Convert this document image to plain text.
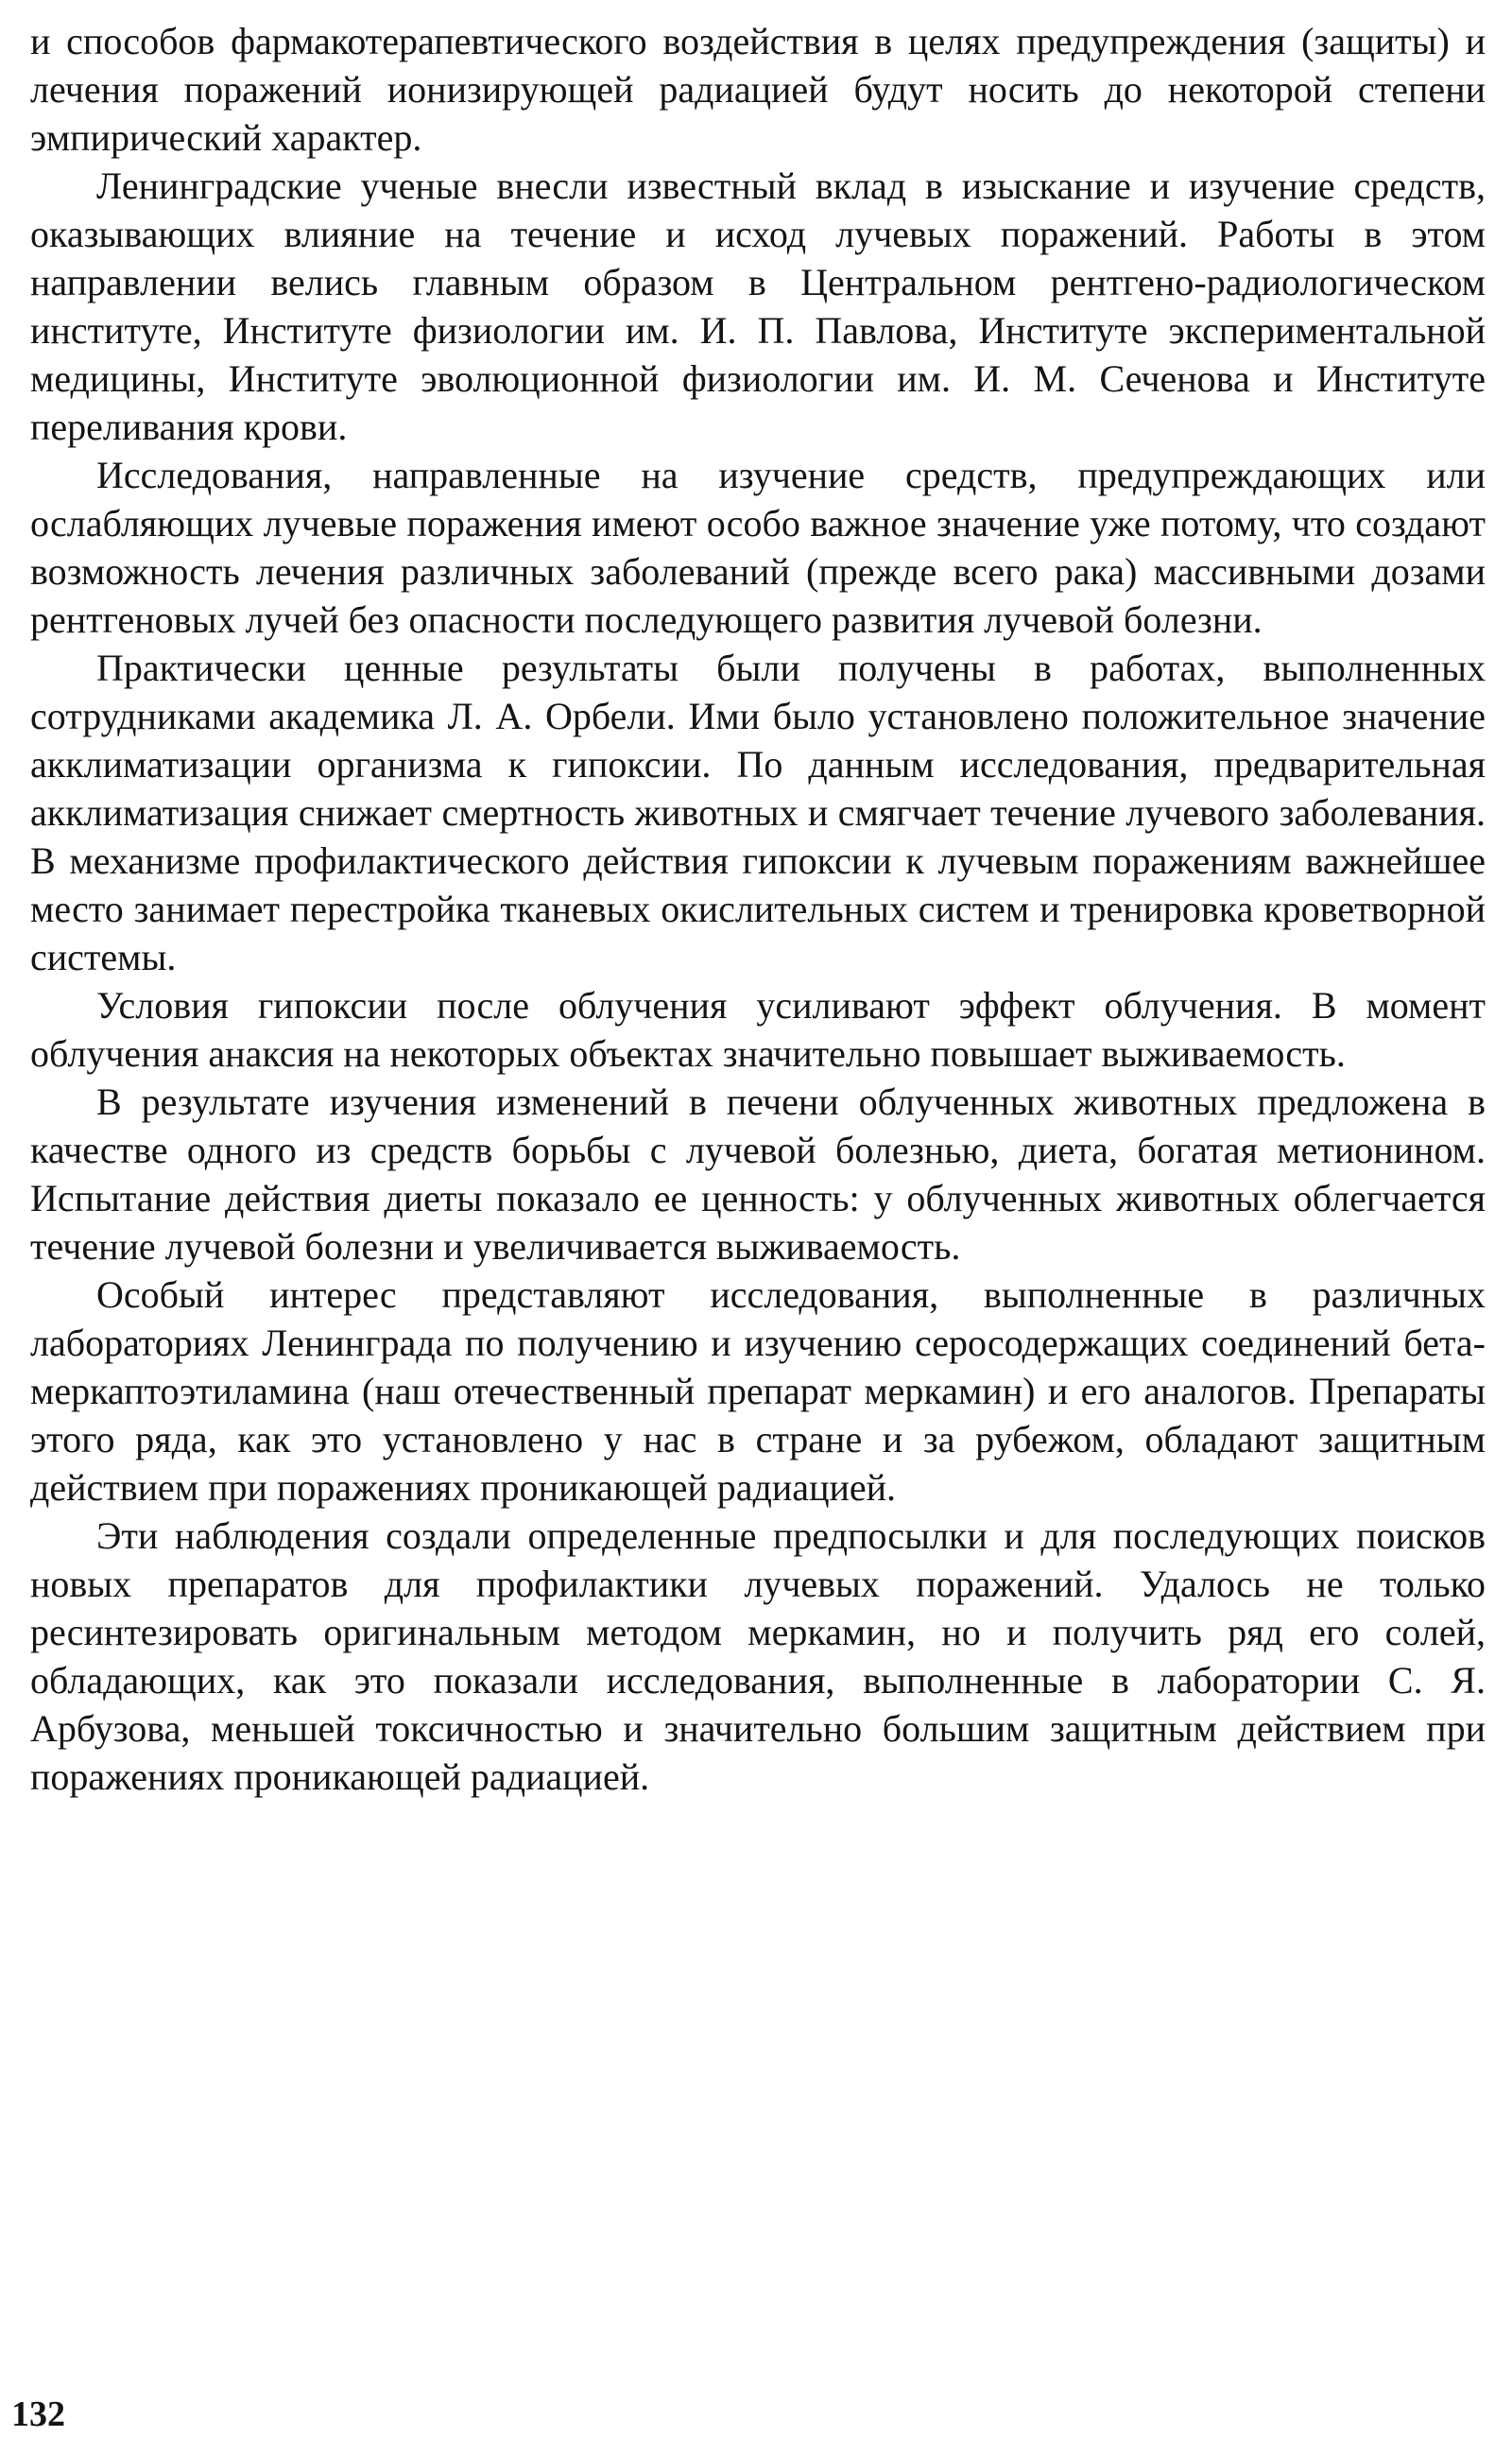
и способов фармакотерапевтического воздействия в целях предупреждения (защиты) и лечения поражений ионизирующей радиацией будут носить до некоторой степени эмпирический характер.

Ленинградские ученые внесли известный вклад в изыскание и изучение средств, оказывающих влияние на течение и исход лучевых поражений. Работы в этом направлении велись главным образом в Центральном рентгено-радиологическом институте, Институте физиологии им. И. П. Павлова, Институте экспериментальной медицины, Институте эволюционной физиологии им. И. М. Сеченова и Институте переливания крови.

Исследования, направленные на изучение средств, предупреждающих или ослабляющих лучевые поражения имеют особо важное значение уже потому, что создают возможность лечения различных заболеваний (прежде всего рака) массивными дозами рентгеновых лучей без опасности последующего развития лучевой болезни.

Практически ценные результаты были получены в работах, выполненных сотрудниками академика Л. А. Орбели. Ими было установлено положительное значение акклиматизации организма к гипоксии. По данным исследования, предварительная акклиматизация снижает смертность животных и смягчает течение лучевого заболевания. В механизме профилактического действия гипоксии к лучевым поражениям важнейшее место занимает перестройка тканевых окислительных систем и тренировка кроветворной системы.

Условия гипоксии после облучения усиливают эффект облучения. В момент облучения анаксия на некоторых объектах значительно повышает выживаемость.

В результате изучения изменений в печени облученных животных предложена в качестве одного из средств борьбы с лучевой болезнью, диета, богатая метионином. Испытание действия диеты показало ее ценность: у облученных животных облегчается течение лучевой болезни и увеличивается выживаемость.

Особый интерес представляют исследования, выполненные в различных лабораториях Ленинграда по получению и изучению серосодержащих соединений бета-меркаптоэтиламина (наш отечественный препарат меркамин) и его аналогов. Препараты этого ряда, как это установлено у нас в стране и за рубежом, обладают защитным действием при поражениях проникающей радиацией.

Эти наблюдения создали определенные предпосылки и для последующих поисков новых препаратов для профилактики лучевых поражений. Удалось не только ресинтезировать оригинальным методом меркамин, но и получить ряд его солей, обладающих, как это показали исследования, выполненные в лаборатории С. Я. Арбузова, меньшей токсичностью и значительно большим защитным действием при поражениях проникающей радиацией.

132
